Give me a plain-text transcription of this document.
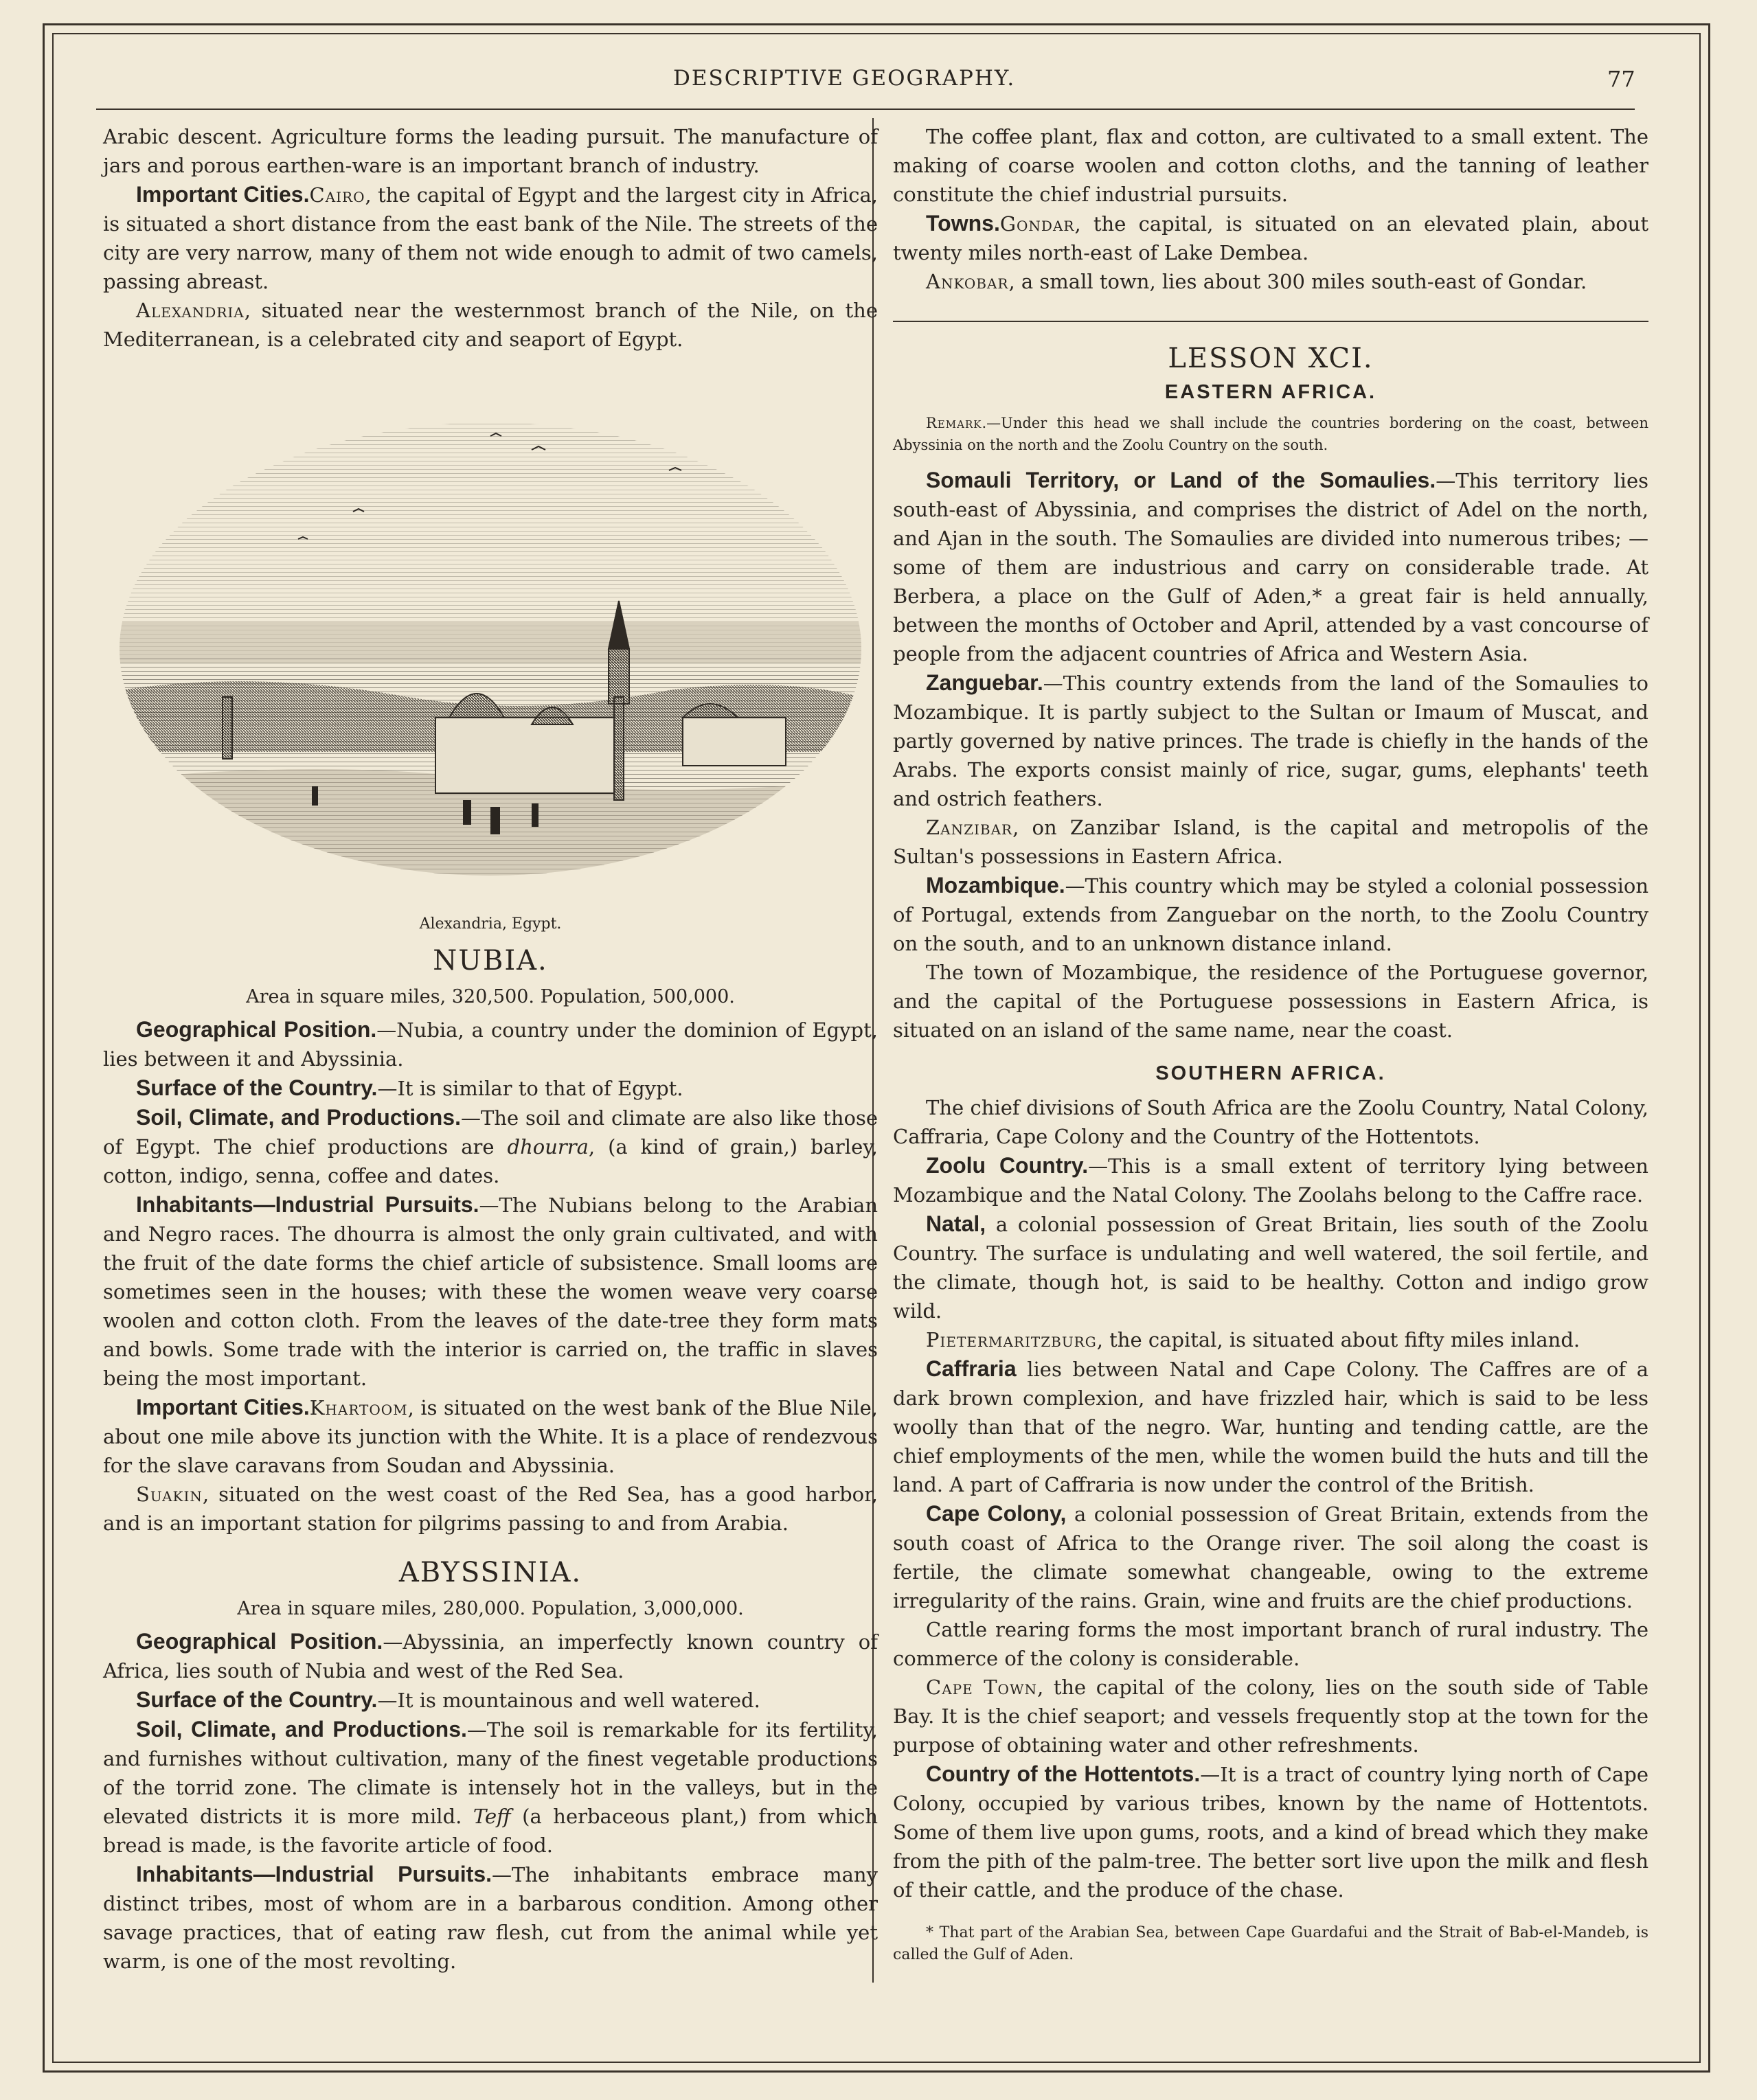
DESCRIPTIVE GEOGRAPHY.	77

Arabic descent. Agriculture forms the leading pursuit. The manufacture of jars and porous earthen-ware is an important branch of industry.

Important Cities.Cairo, the capital of Egypt and the largest city in Africa, is situated a short distance from the east bank of the Nile. The streets of the city are very narrow, many of them not wide enough to admit of two camels, passing abreast.

Alexandria, situated near the westernmost branch of the Nile, on the Mediterranean, is a celebrated city and seaport of Egypt.

Alexandria, Egypt.
NUBIA.
Area in square miles, 320,500. Population, 500,000.

Geographical Position.—Nubia, a country under the dominion of Egypt, lies between it and Abyssinia.

Surface of the Country.—It is similar to that of Egypt.

Soil, Climate, and Productions.—The soil and climate are also like those of Egypt. The chief productions are dhourra, (a kind of grain,) barley, cotton, indigo, senna, coffee and dates.

Inhabitants—Industrial Pursuits.—The Nubians belong to the Arabian and Negro races. The dhourra is almost the only grain cultivated, and with the fruit of the date forms the chief article of subsistence. Small looms are sometimes seen in the houses; with these the women weave very coarse woolen and cotton cloth. From the leaves of the date-tree they form mats and bowls. Some trade with the interior is carried on, the traffic in slaves being the most important.

Important Cities.Khartoom, is situated on the west bank of the Blue Nile, about one mile above its junction with the White. It is a place of rendezvous for the slave caravans from Soudan and Abyssinia.

Suakin, situated on the west coast of the Red Sea, has a good harbor, and is an important station for pilgrims passing to and from Arabia.

ABYSSINIA.
Area in square miles, 280,000. Population, 3,000,000.

Geographical Position.—Abyssinia, an imperfectly known country of Africa, lies south of Nubia and west of the Red Sea.

Surface of the Country.—It is mountainous and well watered.

Soil, Climate, and Productions.—The soil is remarkable for its fertility, and furnishes without cultivation, many of the finest vegetable productions of the torrid zone. The climate is intensely hot in the valleys, but in the elevated districts it is more mild. Teff (a herbaceous plant,) from which bread is made, is the favorite article of food.

Inhabitants—Industrial Pursuits.—The inhabitants embrace many distinct tribes, most of whom are in a barbarous condition. Among other savage practices, that of eating raw flesh, cut from the animal while yet warm, is one of the most revolting.

The coffee plant, flax and cotton, are cultivated to a small extent. The making of coarse woolen and cotton cloths, and the tanning of leather constitute the chief industrial pursuits.

Towns.Gondar, the capital, is situated on an elevated plain, about twenty miles north-east of Lake Dembea.

Ankobar, a small town, lies about 300 miles south-east of Gondar.

LESSON XCI.
EASTERN AFRICA.

Remark.—Under this head we shall include the countries bordering on the coast, between Abyssinia on the north and the Zoolu Country on the south.

Somauli Territory, or Land of the Somaulies.—This territory lies south-east of Abyssinia, and comprises the district of Adel on the north, and Ajan in the south. The Somaulies are divided into numerous tribes; —some of them are industrious and carry on considerable trade. At Berbera, a place on the Gulf of Aden,* a great fair is held annually, between the months of October and April, attended by a vast concourse of people from the adjacent countries of Africa and Western Asia.

Zanguebar.—This country extends from the land of the Somaulies to Mozambique. It is partly subject to the Sultan or Imaum of Muscat, and partly governed by native princes. The trade is chiefly in the hands of the Arabs. The exports consist mainly of rice, sugar, gums, elephants' teeth and ostrich feathers.

Zanzibar, on Zanzibar Island, is the capital and metropolis of the Sultan's possessions in Eastern Africa.

Mozambique.—This country which may be styled a colonial possession of Portugal, extends from Zanguebar on the north, to the Zoolu Country on the south, and to an unknown distance inland.

The town of Mozambique, the residence of the Portuguese governor, and the capital of the Portuguese possessions in Eastern Africa, is situated on an island of the same name, near the coast.

SOUTHERN AFRICA.

The chief divisions of South Africa are the Zoolu Country, Natal Colony, Caffraria, Cape Colony and the Country of the Hottentots.

Zoolu Country.—This is a small extent of territory lying between Mozambique and the Natal Colony. The Zoolahs belong to the Caffre race.

Natal, a colonial possession of Great Britain, lies south of the Zoolu Country. The surface is undulating and well watered, the soil fertile, and the climate, though hot, is said to be healthy. Cotton and indigo grow wild.

Pietermaritzburg, the capital, is situated about fifty miles inland.

Caffraria lies between Natal and Cape Colony. The Caffres are of a dark brown complexion, and have frizzled hair, which is said to be less woolly than that of the negro. War, hunting and tending cattle, are the chief employments of the men, while the women build the huts and till the land. A part of Caffraria is now under the control of the British.

Cape Colony, a colonial possession of Great Britain, extends from the south coast of Africa to the Orange river. The soil along the coast is fertile, the climate somewhat changeable, owing to the extreme irregularity of the rains. Grain, wine and fruits are the chief productions.

Cattle rearing forms the most important branch of rural industry. The commerce of the colony is considerable.

Cape Town, the capital of the colony, lies on the south side of Table Bay. It is the chief seaport; and vessels frequently stop at the town for the purpose of obtaining water and other refreshments.

Country of the Hottentots.—It is a tract of country lying north of Cape Colony, occupied by various tribes, known by the name of Hottentots. Some of them live upon gums, roots, and a kind of bread which they make from the pith of the palm-tree. The better sort live upon the milk and flesh of their cattle, and the produce of the chase.

* That part of the Arabian Sea, between Cape Guardafui and the Strait of Bab-el-Mandeb, is called the Gulf of Aden.
